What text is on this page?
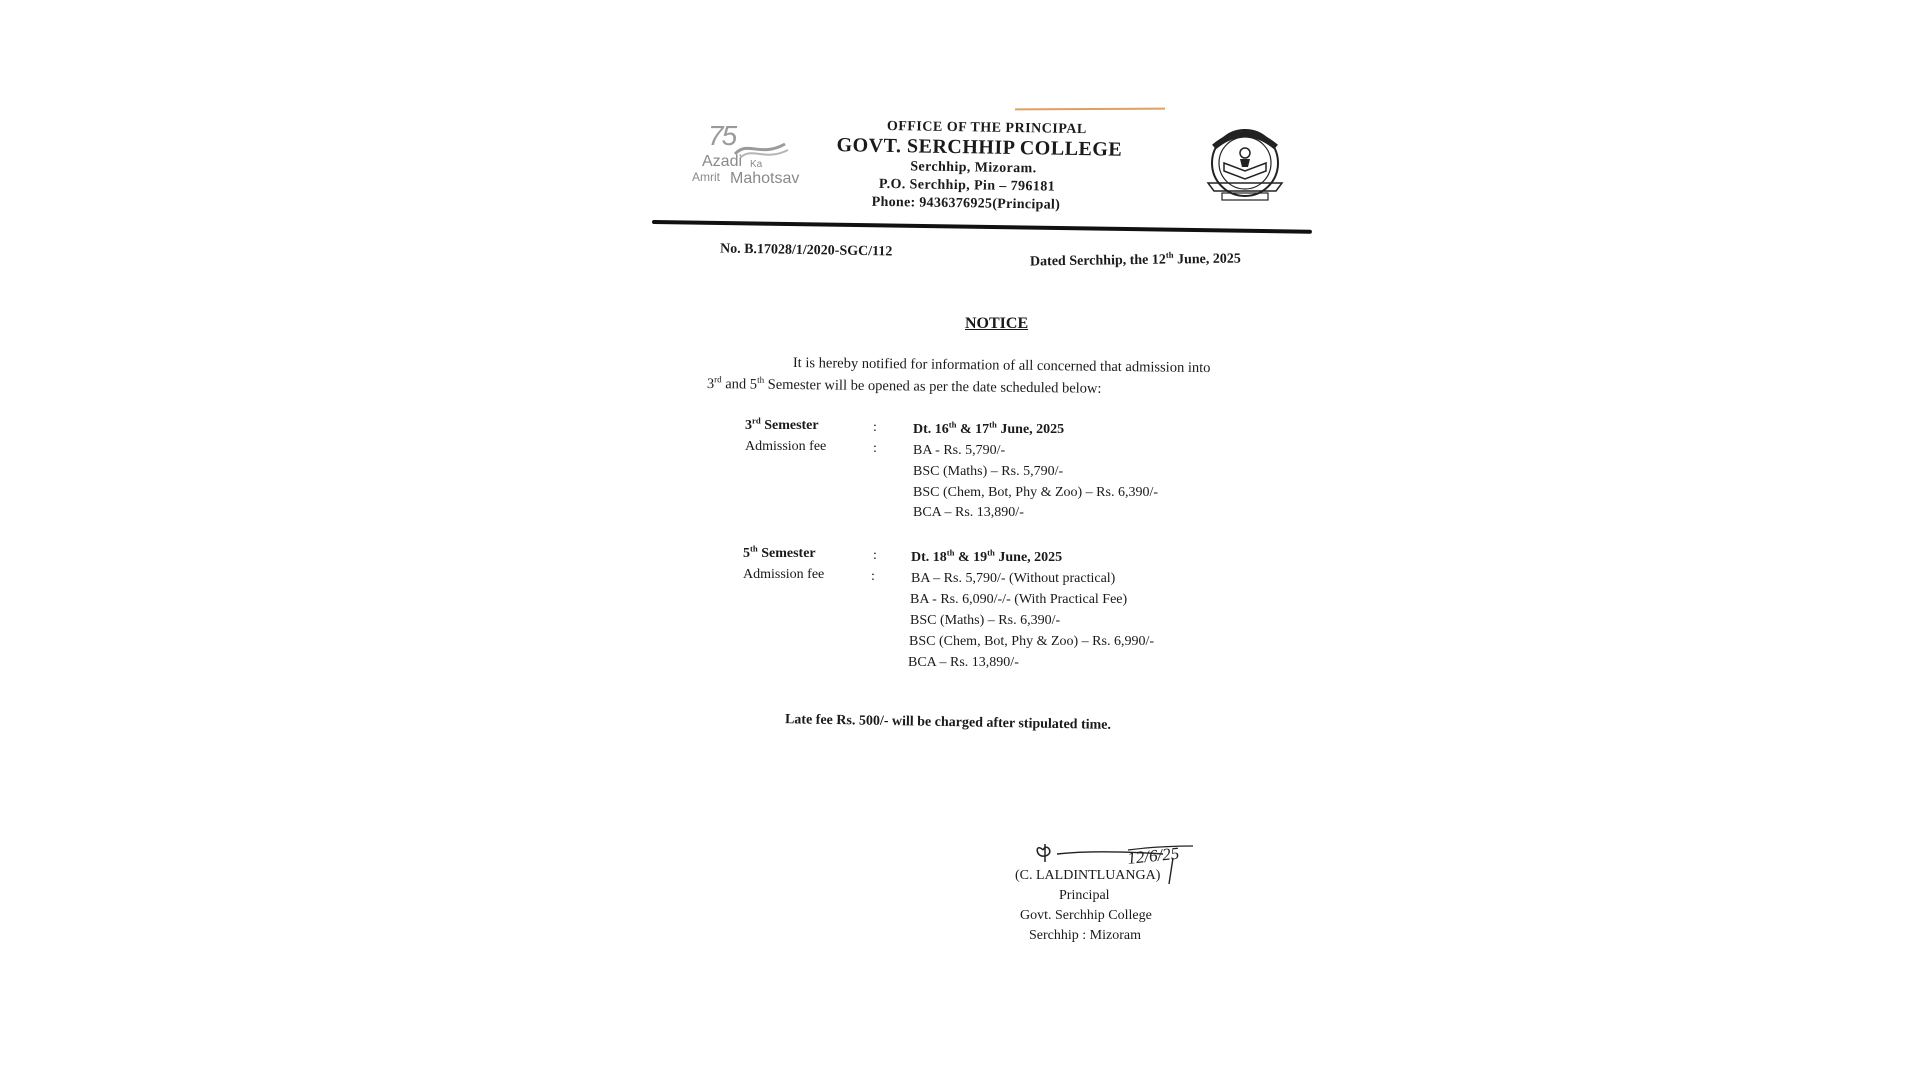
75
Azadi Ka
Amrit Mahotsav
OFFICE OF THE PRINCIPAL
GOVT. SERCHHIP COLLEGE
Serchhip, Mizoram.
P.O. Serchhip, Pin – 796181
Phone: 9436376925(Principal)
No. B.17028/1/2020-SGC/112
Dated Serchhip, the 12th June, 2025
NOTICE
It is hereby notified for information of all concerned that admission into
3rd and 5th Semester will be opened as per the date scheduled below:
3rd Semester	:	Dt. 16th & 17th June, 2025
Admission fee	:	BA - Rs. 5,790/-
BSC (Maths) – Rs. 5,790/-
BSC (Chem, Bot, Phy & Zoo) – Rs. 6,390/-
BCA – Rs. 13,890/-
5th Semester	: Dt. 18th & 19th June, 2025
Admission fee	:	BA – Rs. 5,790/- (Without practical)
BA - Rs. 6,090/-/- (With Practical Fee)
BSC (Maths) – Rs. 6,390/-
BSC (Chem, Bot, Phy & Zoo) – Rs. 6,990/-
BCA – Rs. 13,890/-
Late fee Rs. 500/- will be charged after stipulated time.
12/6/25
(C. LALDINTLUANGA)
Principal
Govt. Serchhip College
Serchhip : Mizoram
